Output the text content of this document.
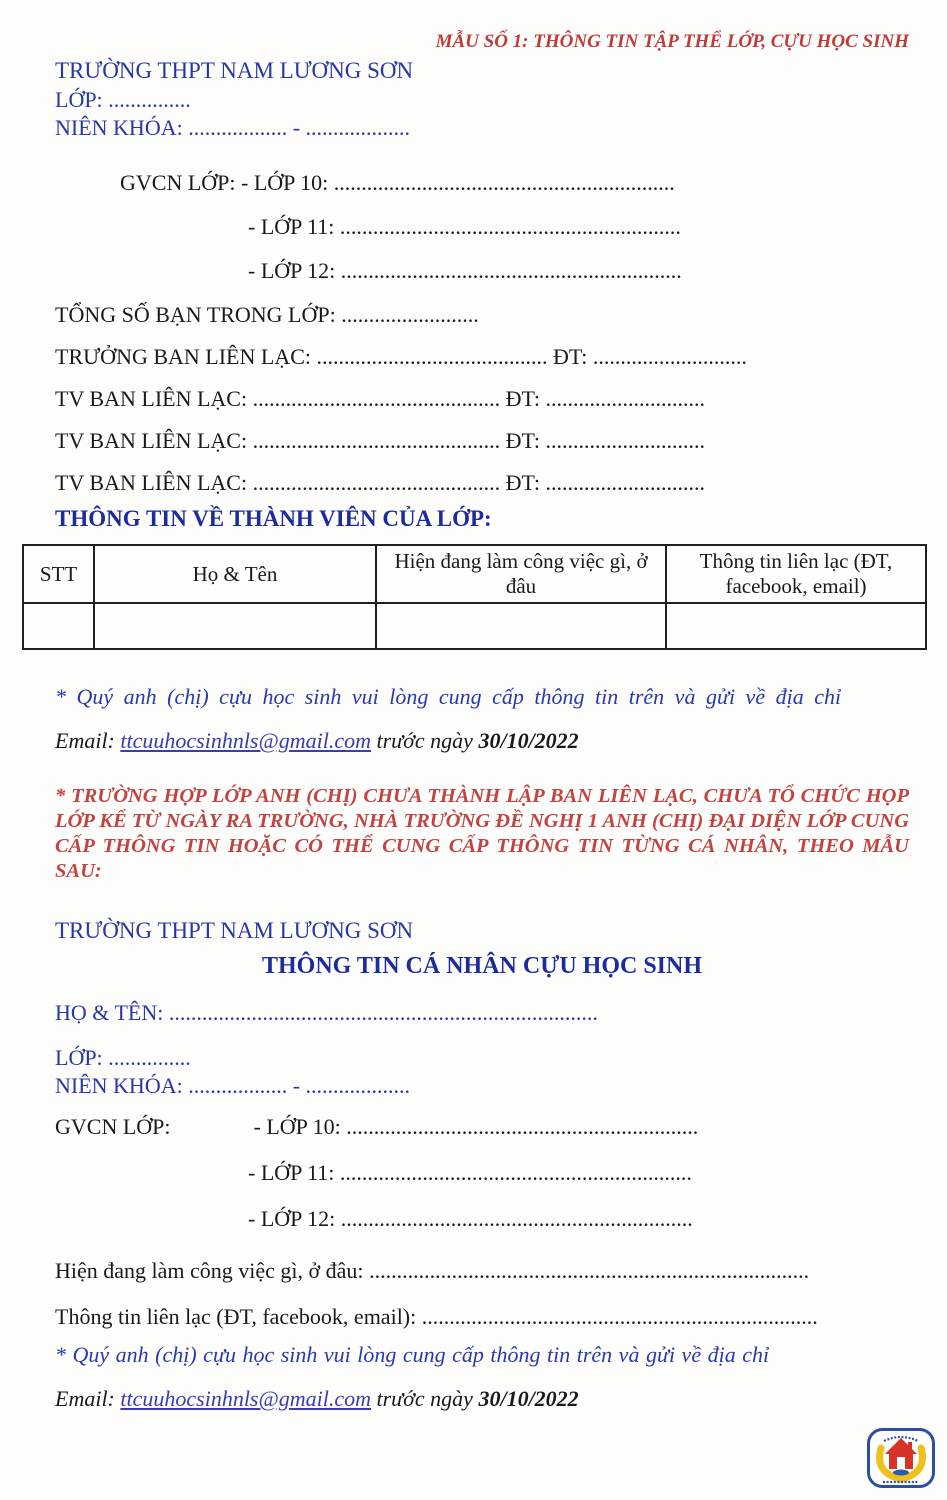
MẪU SỐ 1: THÔNG TIN TẬP THỂ LỚP, CỰU HỌC SINH
TRƯỜNG THPT NAM LƯƠNG SƠN
LỚP: ...............
NIÊN KHÓA: .................. - ...................
GVCN LỚP: - LỚP 10: ..............................................................
- LỚP 11: ..............................................................
- LỚP 12: ..............................................................
TỔNG SỐ BẠN TRONG LỚP: .........................
TRƯỞNG BAN LIÊN LẠC: .......................................... ĐT: ............................
TV BAN LIÊN LẠC: ............................................. ĐT: .............................
TV BAN LIÊN LẠC: ............................................. ĐT: .............................
TV BAN LIÊN LẠC: ............................................. ĐT: .............................
THÔNG TIN VỀ THÀNH VIÊN CỦA LỚP:
STT	Họ & Tên	Hiện đang làm công việc gì, ở đâu	Thông tin liên lạc (ĐT, facebook, email)

* Quý anh (chị) cựu học sinh vui lòng cung cấp thông tin trên và gửi về địa chỉ
Email: ttcuuhocsinhnls@gmail.com trước ngày 30/10/2022
* TRƯỜNG HỢP LỚP ANH (CHỊ) CHƯA THÀNH LẬP BAN LIÊN LẠC, CHƯA TỔ CHỨC HỌP LỚP KỂ TỪ NGÀY RA TRƯỜNG, NHÀ TRƯỜNG ĐỀ NGHỊ 1 ANH (CHỊ) ĐẠI DIỆN LỚP CUNG CẤP THÔNG TIN HOẶC CÓ THỂ CUNG CẤP THÔNG TIN TỪNG CÁ NHÂN, THEO MẪU SAU:
TRƯỜNG THPT NAM LƯƠNG SƠN
THÔNG TIN CÁ NHÂN CỰU HỌC SINH
HỌ & TÊN: ..............................................................................
LỚP: ...............
NIÊN KHÓA: .................. - ...................
GVCN LỚP:	- LỚP 10: ................................................................
- LỚP 11: ................................................................
- LỚP 12: ................................................................
Hiện đang làm công việc gì, ở đâu: ................................................................................
Thông tin liên lạc (ĐT, facebook, email): ........................................................................
* Quý anh (chị) cựu học sinh vui lòng cung cấp thông tin trên và gửi về địa chỉ
Email: ttcuuhocsinhnls@gmail.com trước ngày 30/10/2022
